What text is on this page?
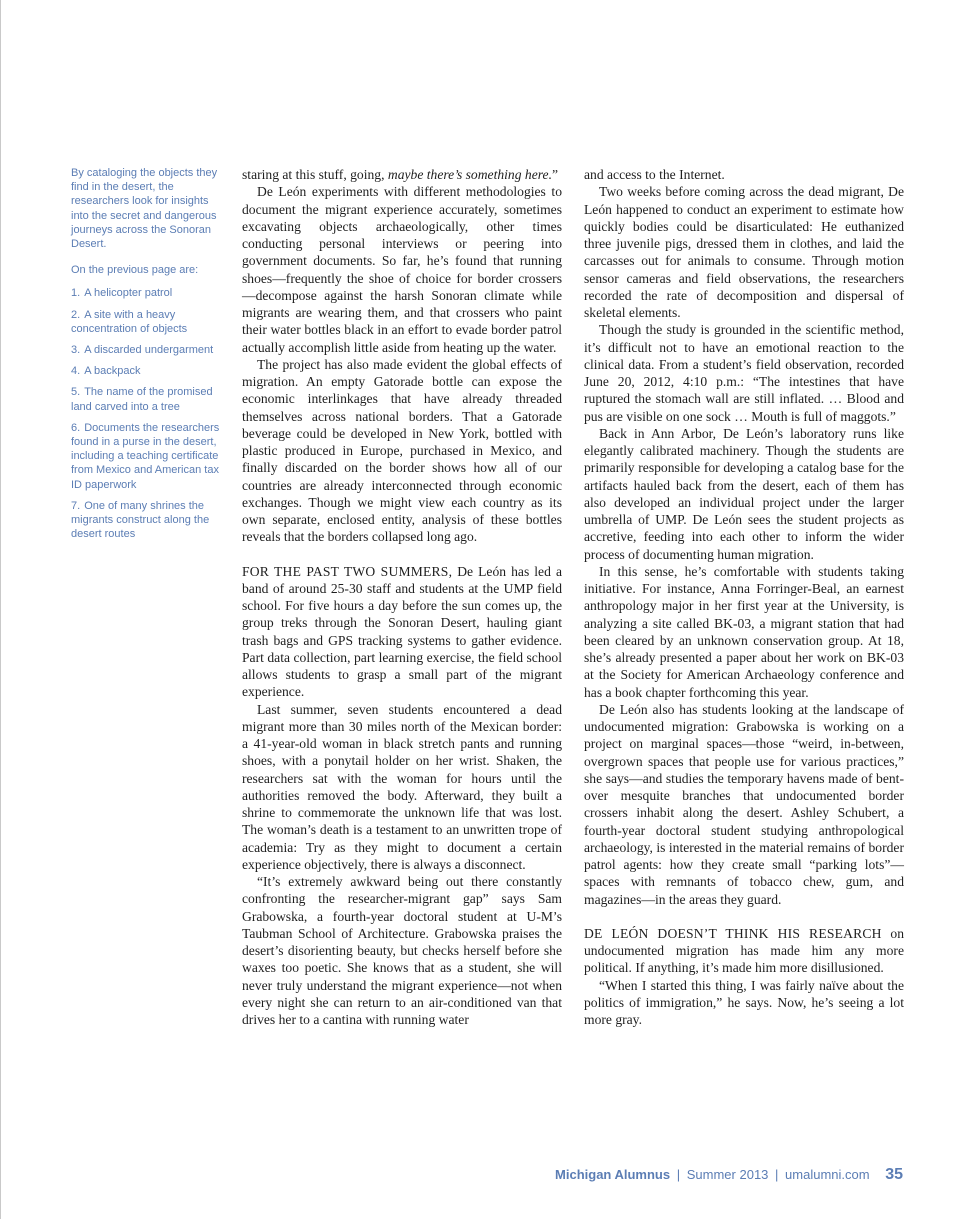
By cataloging the objects they find in the desert, the researchers look for insights into the secret and dangerous journeys across the Sonoran Desert.

On the previous page are:

1. A helicopter patrol
2. A site with a heavy concentration of objects
3. A discarded undergarment
4. A backpack
5. The name of the promised land carved into a tree
6. Documents the researchers found in a purse in the desert, including a teaching certificate from Mexico and American tax ID paperwork
7. One of many shrines the migrants construct along the desert routes

staring at this stuff, going, maybe there’s something here.”

De León experiments with different methodologies to document the migrant experience accurately, sometimes excavating objects archaeologically, other times conducting personal interviews or peering into government documents. So far, he’s found that running shoes—frequently the shoe of choice for border crossers—decompose against the harsh Sonoran climate while migrants are wearing them, and that crossers who paint their water bottles black in an effort to evade border patrol actually accomplish little aside from heating up the water.

The project has also made evident the global effects of migration. An empty Gatorade bottle can expose the economic interlinkages that have already threaded themselves across national borders. That a Gatorade beverage could be developed in New York, bottled with plastic produced in Europe, purchased in Mexico, and finally discarded on the border shows how all of our countries are already interconnected through economic exchanges. Though we might view each country as its own separate, enclosed entity, analysis of these bottles reveals that the borders collapsed long ago.

FOR THE PAST TWO SUMMERS, De León has led a band of around 25-30 staff and students at the UMP field school. For five hours a day before the sun comes up, the group treks through the Sonoran Desert, hauling giant trash bags and GPS tracking systems to gather evidence. Part data collection, part learning exercise, the field school allows students to grasp a small part of the migrant experience.

Last summer, seven students encountered a dead migrant more than 30 miles north of the Mexican border: a 41-year-old woman in black stretch pants and running shoes, with a ponytail holder on her wrist. Shaken, the researchers sat with the woman for hours until the authorities removed the body. Afterward, they built a shrine to commemorate the unknown life that was lost. The woman’s death is a testament to an unwritten trope of academia: Try as they might to document a certain experience objectively, there is always a disconnect.

“It’s extremely awkward being out there constantly confronting the researcher-migrant gap” says Sam Grabowska, a fourth-year doctoral student at U-M’s Taubman School of Architecture. Grabowska praises the desert’s disorienting beauty, but checks herself before she waxes too poetic. She knows that as a student, she will never truly understand the migrant experience—not when every night she can return to an air-conditioned van that drives her to a cantina with running water

and access to the Internet.

Two weeks before coming across the dead migrant, De León happened to conduct an experiment to estimate how quickly bodies could be disarticulated: He euthanized three juvenile pigs, dressed them in clothes, and laid the carcasses out for animals to consume. Through motion sensor cameras and field observations, the researchers recorded the rate of decomposition and dispersal of skeletal elements.

Though the study is grounded in the scientific method, it’s difficult not to have an emotional reaction to the clinical data. From a student’s field observation, recorded June 20, 2012, 4:10 p.m.: “The intestines that have ruptured the stomach wall are still inflated. … Blood and pus are visible on one sock … Mouth is full of maggots.”

Back in Ann Arbor, De León’s laboratory runs like elegantly calibrated machinery. Though the students are primarily responsible for developing a catalog base for the artifacts hauled back from the desert, each of them has also developed an individual project under the larger umbrella of UMP. De León sees the student projects as accretive, feeding into each other to inform the wider process of documenting human migration.

In this sense, he’s comfortable with students taking initiative. For instance, Anna Forringer-Beal, an earnest anthropology major in her first year at the University, is analyzing a site called BK-03, a migrant station that had been cleared by an unknown conservation group. At 18, she’s already presented a paper about her work on BK-03 at the Society for American Archaeology conference and has a book chapter forthcoming this year.

De León also has students looking at the landscape of undocumented migration: Grabowska is working on a project on marginal spaces—those “weird, in-between, overgrown spaces that people use for various practices,” she says—and studies the temporary havens made of bent-over mesquite branches that undocumented border crossers inhabit along the desert. Ashley Schubert, a fourth-year doctoral student studying anthropological archaeology, is interested in the material remains of border patrol agents: how they create small “parking lots”—spaces with remnants of tobacco chew, gum, and magazines—in the areas they guard.

DE LEÓN DOESN’T THINK HIS RESEARCH on undocumented migration has made him any more political. If anything, it’s made him more disillusioned.

“When I started this thing, I was fairly naïve about the politics of immigration,” he says. Now, he’s seeing a lot more gray.

Michigan Alumnus | Summer 2013 | umalumni.com 35
